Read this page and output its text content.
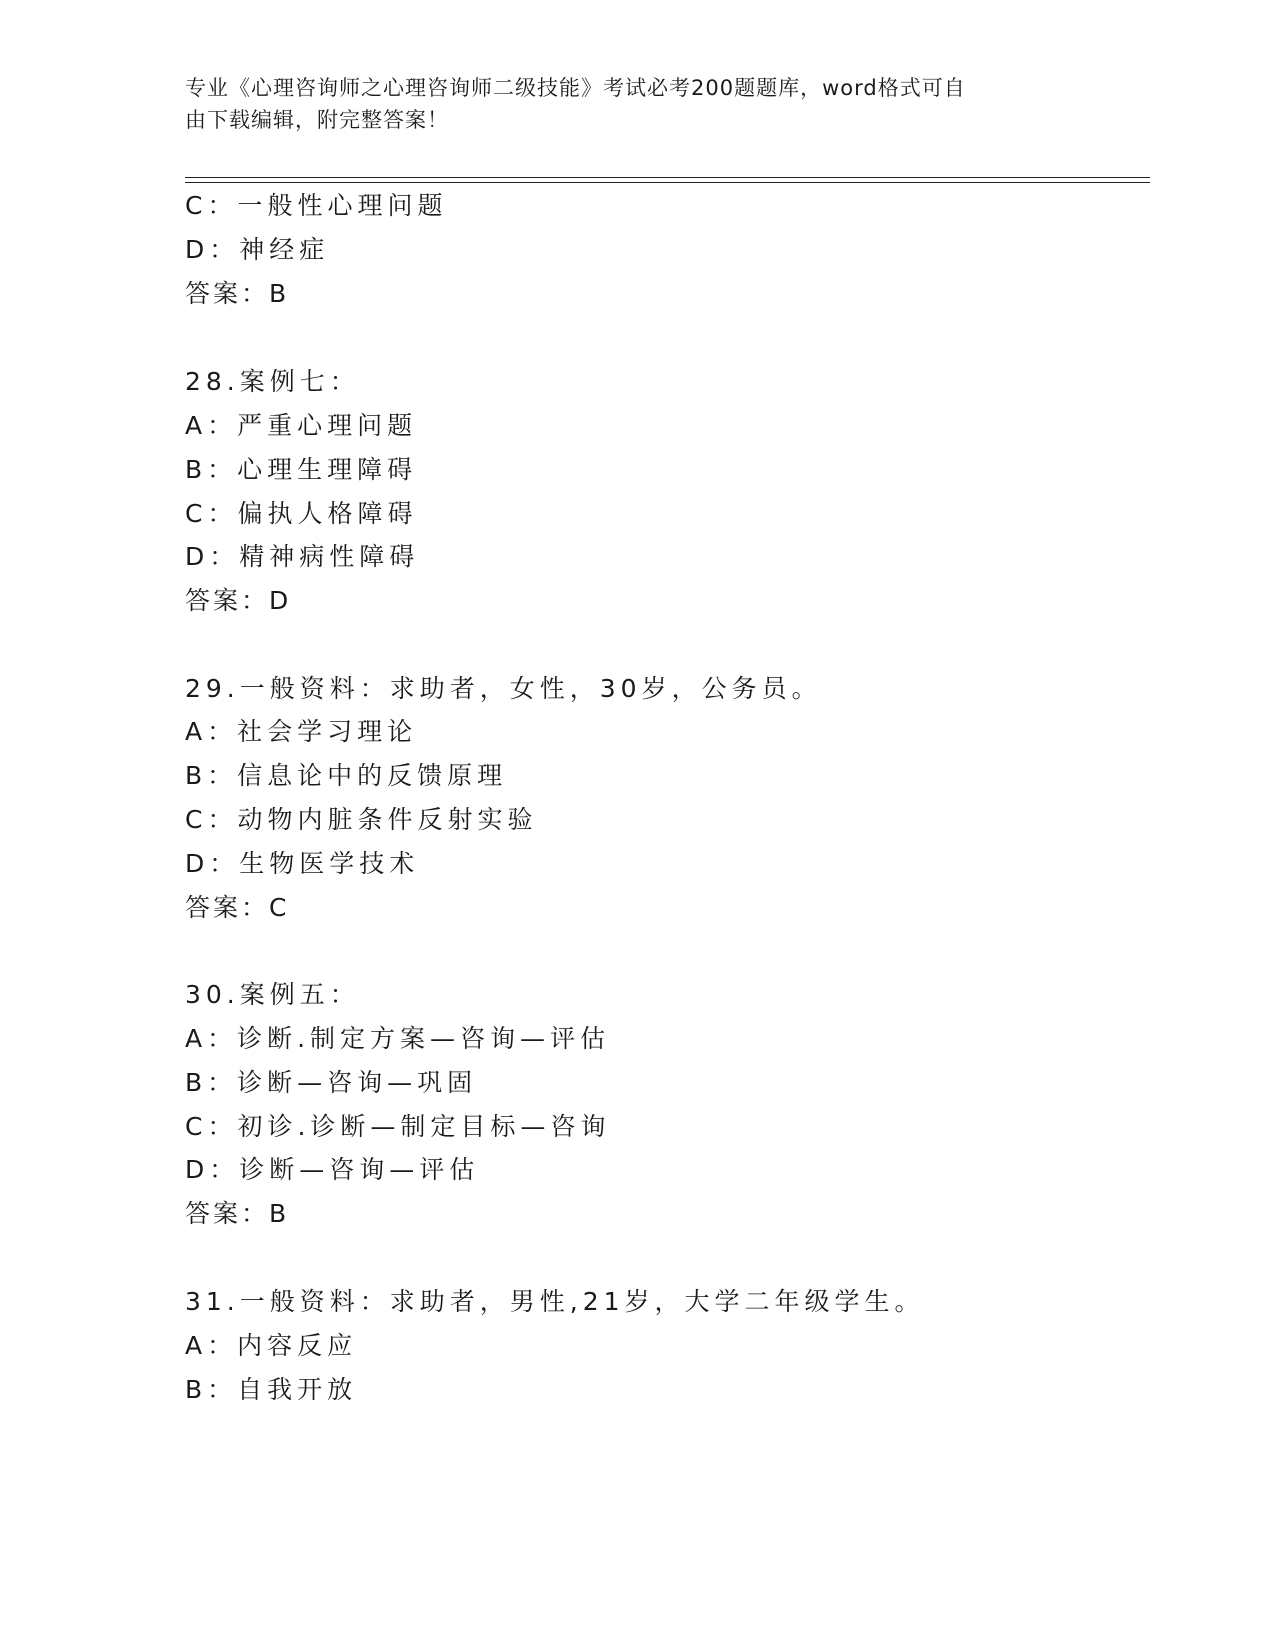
专业《心理咨询师之心理咨询师二级技能》考试必考200题题库，word格式可自
由下载编辑，附完整答案！
C：一般性心理问题
D：神经症
答案：B
28.案例七：
A：严重心理问题
B：心理生理障碍
C：偏执人格障碍
D：精神病性障碍
答案：D
29.一般资料：求助者，女性，30岁，公务员。
A：社会学习理论
B：信息论中的反馈原理
C：动物内脏条件反射实验
D：生物医学技术
答案：C
30.案例五：
A：诊断.制定方案—咨询—评估
B：诊断—咨询—巩固
C：初诊.诊断—制定目标—咨询
D：诊断—咨询—评估
答案：B
31.一般资料：求助者，男性,21岁，大学二年级学生。
A：内容反应
B：自我开放
